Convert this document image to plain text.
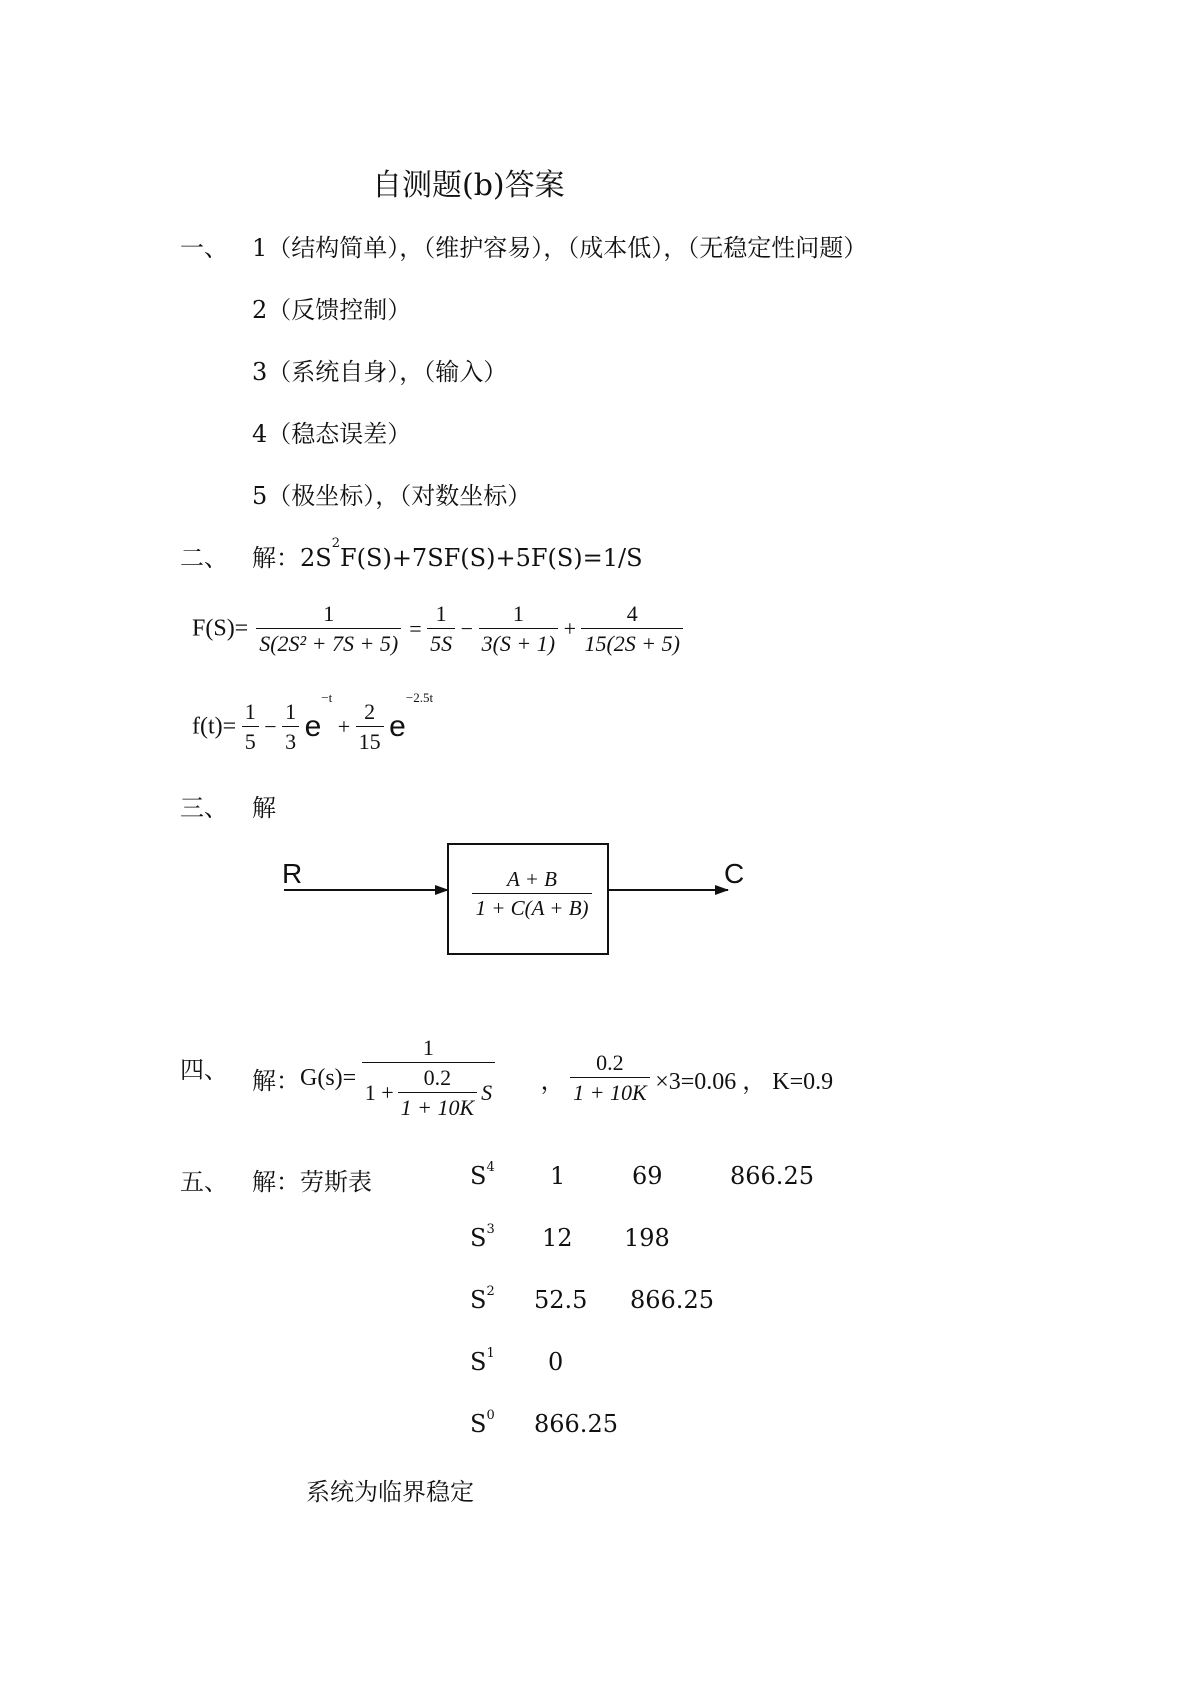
自测题(b)答案
一、 1（结构简单），（维护容易），（成本低），（无稳定性问题）
2（反馈控制）
3（系统自身），（输入）
4（稳态误差）
5（极坐标），（对数坐标）
二、 解：$2S^2F(S)+7SF(S)+5F(S)=1/S$
$F(S)= \frac{1}{\text{S(2S² + 7S + 5)}} = \frac{1}{5S} - \frac{1}{3(S + 1)} + \frac{4}{15(2S + 5)}$
$f(t)= \frac{1}{5} - \frac{1}{3} e^{-t} + \frac{2}{15} e^{-2.5t}$
三、 解
R	C
$\frac{A + B}{1 + C(A + B)}$
四、 解：$G(s)= \frac{1}{1 + \frac{0.2}{1 + 10K} S}$ ， $\frac{0.2}{1 + 10K} \times 3=0.06$ ， K=0.9
五、 解：劳斯表	$S^4$ 1	69	866.25
$S^3$ 12 198
$S^2$ 52.5 866.25
$S^1$ 0
$S^0$ 866.25
系统为临界稳定
